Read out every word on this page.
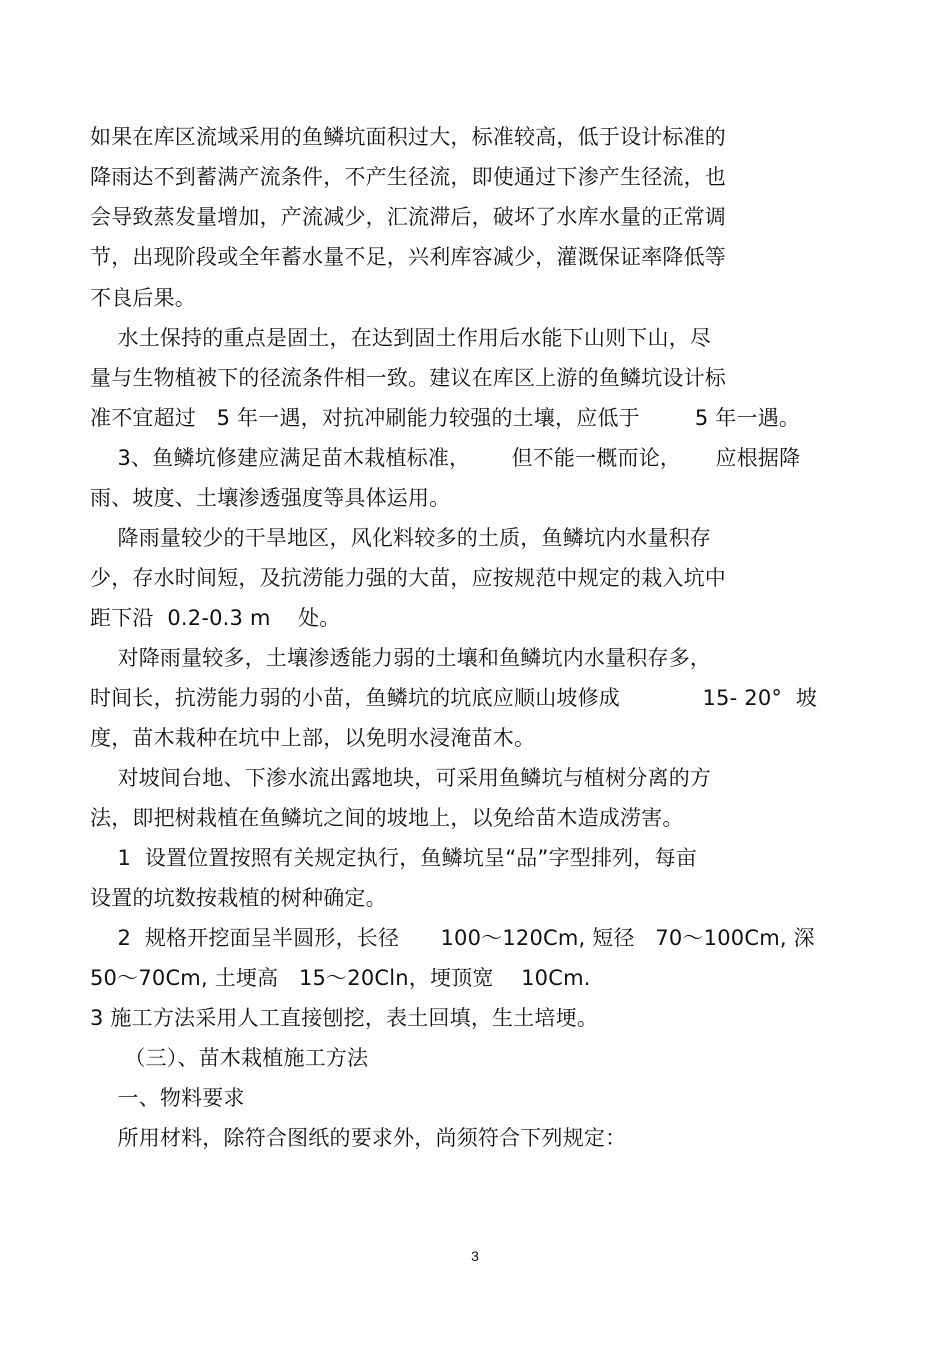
如果在库区流域采用的鱼鳞坑面积过大，标准较高，低于设计标准的
降雨达不到蓄满产流条件，不产生径流，即使通过下渗产生径流，也
会导致蒸发量增加，产流减少，汇流滞后，破坏了水库水量的正常调
节，出现阶段或全年蓄水量不足，兴利库容减少，灌溉保证率降低等
不良后果。
水土保持的重点是固土，在达到固土作用后水能下山则下山，尽
量与生物植被下的径流条件相一致。建议在库区上游的鱼鳞坑设计标
准不宜超过   5 年一遇，对抗冲刷能力较强的土壤，应低于        5 年一遇。
3、鱼鳞坑修建应满足苗木栽植标准，      但不能一概而论，     应根据降
雨、坡度、土壤渗透强度等具体运用。
降雨量较少的干旱地区，风化料较多的土质，鱼鳞坑内水量积存
少，存水时间短，及抗涝能力强的大苗，应按规范中规定的栽入坑中
距下沿  0.2-0.3 m    处。
对降雨量较多，土壤渗透能力弱的土壤和鱼鳞坑内水量积存多，
时间长，抗涝能力弱的小苗，鱼鳞坑的坑底应顺山坡修成            15- 20°  坡
度，苗木栽种在坑中上部，以免明水浸淹苗木。
对坡间台地、下渗水流出露地块，可采用鱼鳞坑与植树分离的方
法，即把树栽植在鱼鳞坑之间的坡地上，以免给苗木造成涝害。
1  设置位置按照有关规定执行，鱼鳞坑呈“品”字型排列，每亩
设置的坑数按栽植的树种确定。
2  规格开挖面呈半圆形，长径      100～120Cm, 短径   70～100Cm, 深
50～70Cm, 土埂高   15～20Cln，埂顶宽    10Cm.
3 施工方法采用人工直接刨挖，表土回填，生土培埂。
（三）、苗木栽植施工方法
一、物料要求
所用材料，除符合图纸的要求外，尚须符合下列规定：
3
